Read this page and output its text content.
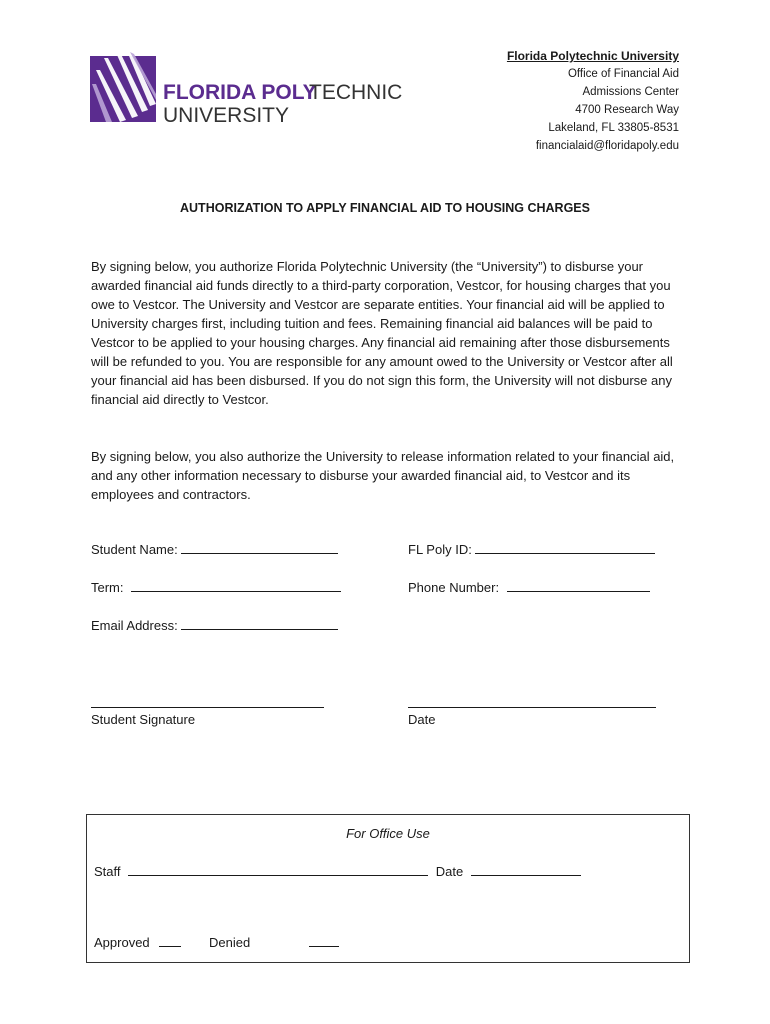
FLORIDA POLY
TECHNIC
UNIVERSITY
Florida Polytechnic University
Office of Financial Aid
Admissions Center
4700 Research Way
Lakeland, FL 33805-8531
financialaid@floridapoly.edu
AUTHORIZATION TO APPLY FINANCIAL AID TO HOUSING CHARGES
By signing below, you authorize Florida Polytechnic University (the “University”) to disburse your awarded financial aid funds directly to a third-party corporation, Vestcor, for housing charges that you owe to Vestcor. The University and Vestcor are separate entities. Your financial aid will be applied to University charges first, including tuition and fees. Remaining financial aid balances will be paid to Vestcor to be applied to your housing charges. Any financial aid remaining after those disbursements will be refunded to you. You are responsible for any amount owed to the University or Vestcor after all your financial aid has been disbursed. If you do not sign this form, the University will not disburse any financial aid directly to Vestcor.
By signing below, you also authorize the University to release information related to your financial aid, and any other information necessary to disburse your awarded financial aid, to Vestcor and its employees and contractors.
Student Name:	FL Poly ID:
Term:	Phone Number:
Email Address:
Student Signature	Date
For Office Use
Staff	Date
Approved	Denied
